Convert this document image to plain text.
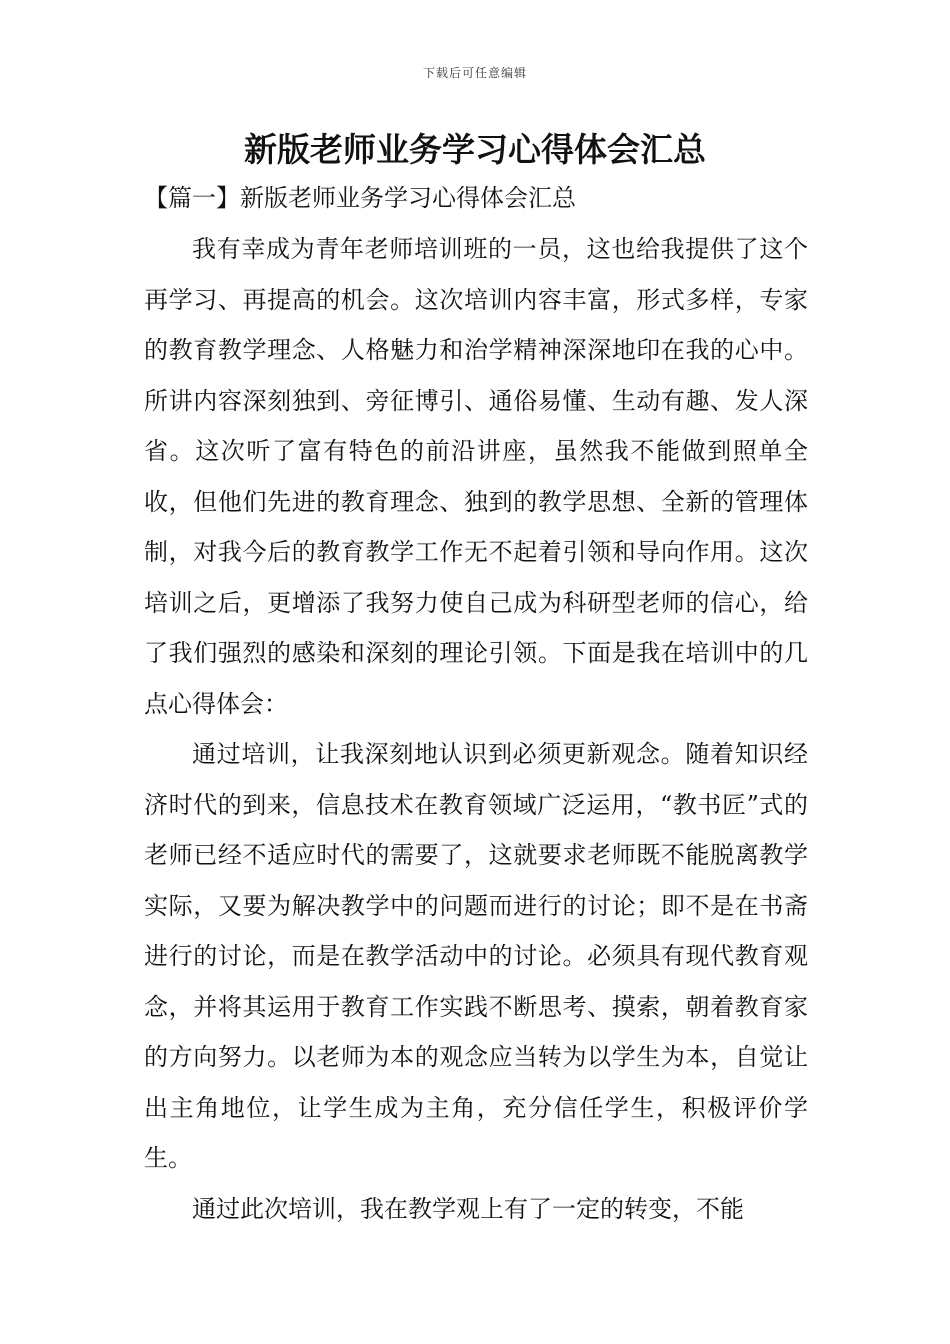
下载后可任意编辑
新版老师业务学习心得体会汇总
【篇一】新版老师业务学习心得体会汇总

我有幸成为青年老师培训班的一员，这也给我提供了这个再学习、再提高的机会。这次培训内容丰富，形式多样，专家的教育教学理念、人格魅力和治学精神深深地印在我的心中。所讲内容深刻独到、旁征博引、通俗易懂、生动有趣、发人深省。这次听了富有特色的前沿讲座，虽然我不能做到照单全收，但他们先进的教育理念、独到的教学思想、全新的管理体制，对我今后的教育教学工作无不起着引领和导向作用。这次培训之后，更增添了我努力使自己成为科研型老师的信心，给了我们强烈的感染和深刻的理论引领。下面是我在培训中的几点心得体会：

通过培训，让我深刻地认识到必须更新观念。随着知识经济时代的到来，信息技术在教育领域广泛运用，“教书匠”式的老师已经不适应时代的需要了，这就要求老师既不能脱离教学实际，又要为解决教学中的问题而进行的讨论；即不是在书斋进行的讨论，而是在教学活动中的讨论。必须具有现代教育观念，并将其运用于教育工作实践不断思考、摸索，朝着教育家的方向努力。以老师为本的观念应当转为以学生为本，自觉让出主角地位，让学生成为主角，充分信任学生，积极评价学生。

通过此次培训，我在教学观上有了一定的转变，不能
